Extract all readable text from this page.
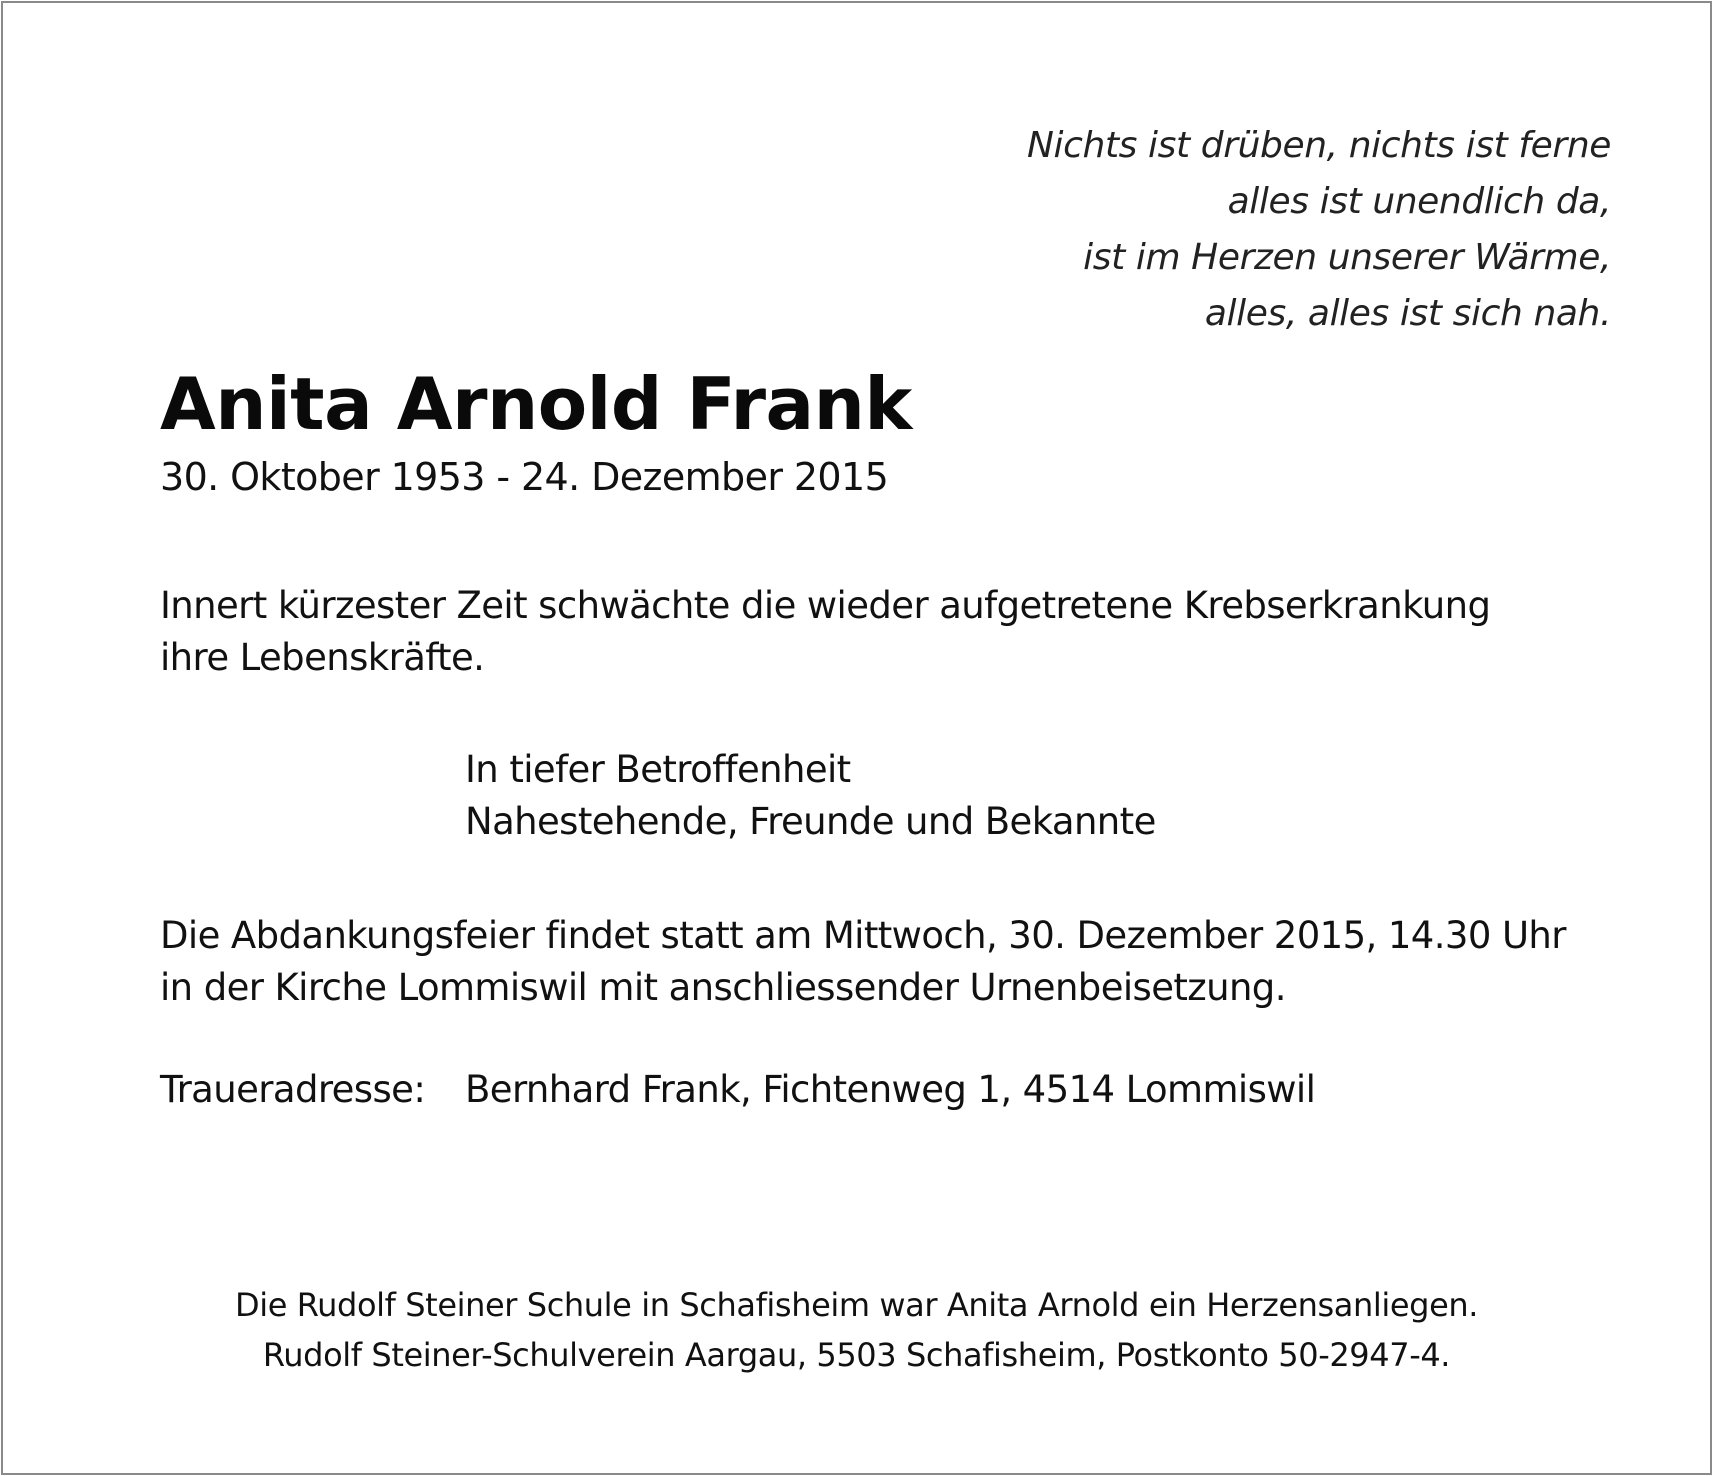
Nichts ist drüben, nichts ist ferne
alles ist unendlich da,
ist im Herzen unserer Wärme,
alles, alles ist sich nah.
Anita Arnold Frank
30. Oktober 1953 - 24. Dezember 2015
Innert kürzester Zeit schwächte die wieder aufgetretene Krebserkrankung
ihre Lebenskräfte.
In tiefer Betroffenheit
Nahestehende, Freunde und Bekannte
Die Abdankungsfeier findet statt am Mittwoch, 30. Dezember 2015, 14.30 Uhr
in der Kirche Lommiswil mit anschliessender Urnenbeisetzung.
Traueradresse: Bernhard Frank, Fichtenweg 1, 4514 Lommiswil
Die Rudolf Steiner Schule in Schafisheim war Anita Arnold ein Herzensanliegen.
Rudolf Steiner-Schulverein Aargau, 5503 Schafisheim, Postkonto 50-2947-4.
